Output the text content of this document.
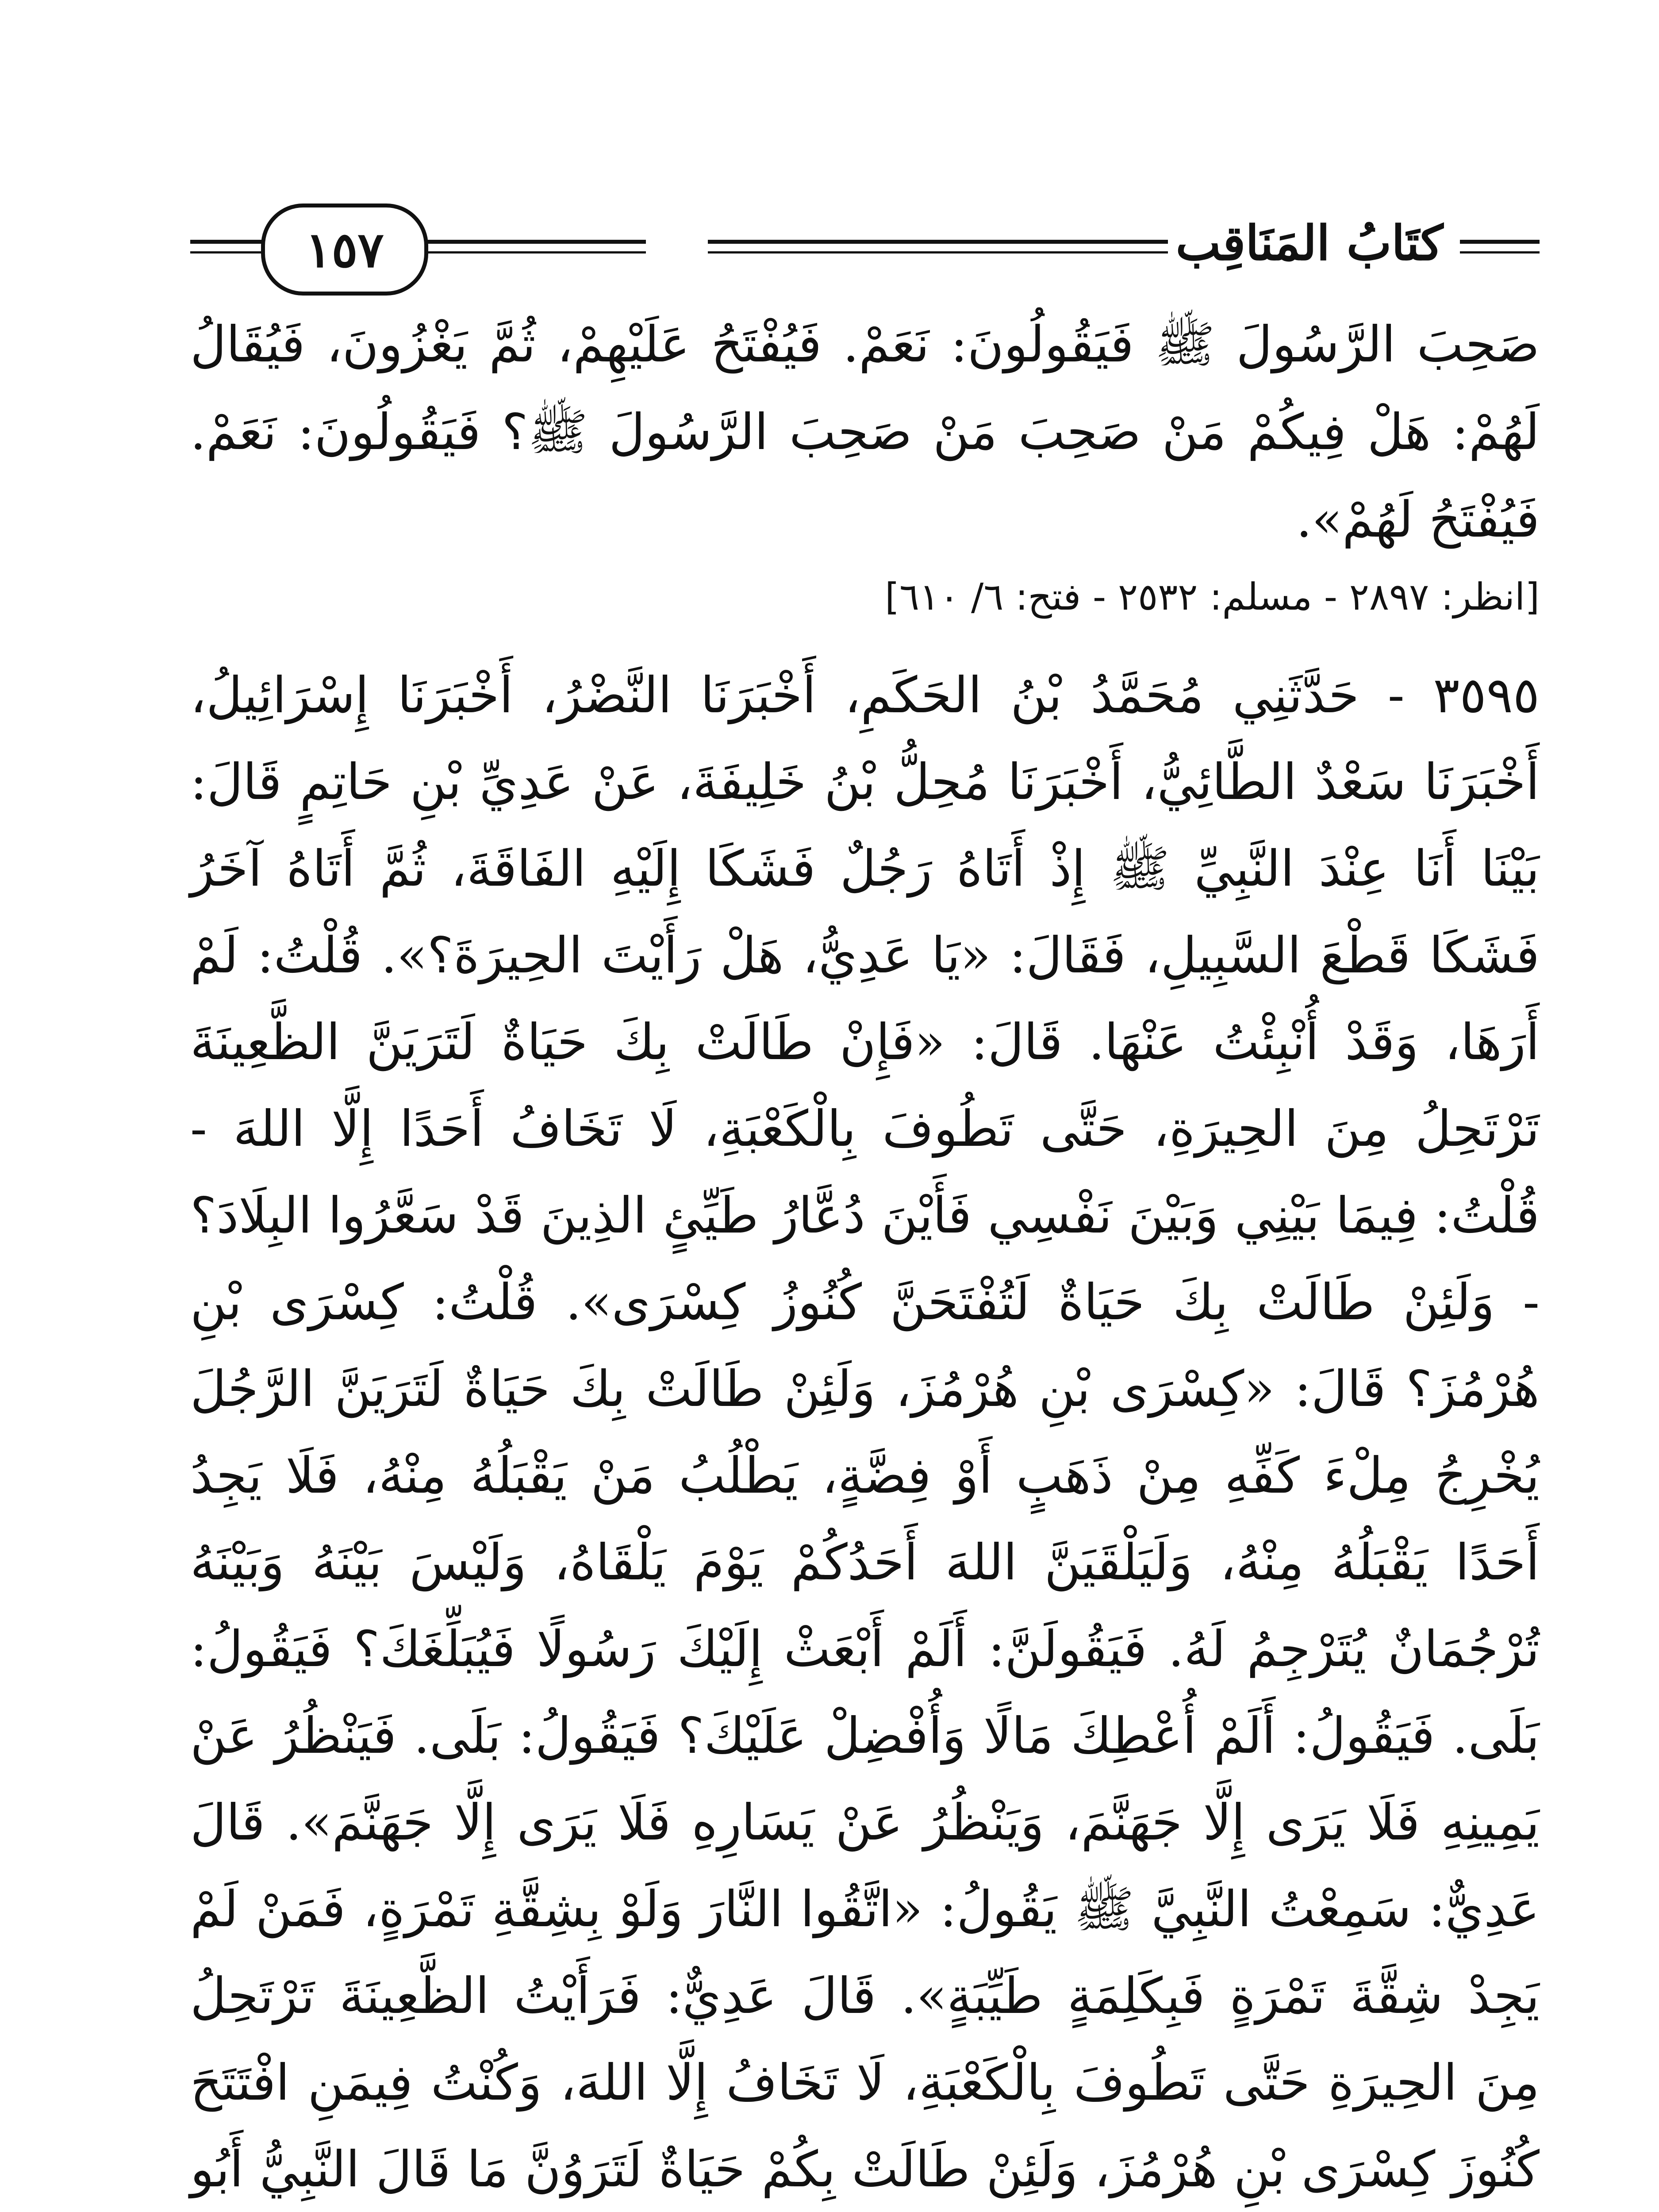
١٥٧	كتَابُ المَنَاقِب

صَحِبَ الرَّسُولَ ﷺ فَيَقُولُونَ: نَعَمْ. فَيُفْتَحُ عَلَيْهِمْ، ثُمَّ يَغْزُونَ، فَيُقَالُ لَهُمْ: هَلْ فِيكُمْ مَنْ صَحِبَ مَنْ صَحِبَ الرَّسُولَ ﷺ؟ فَيَقُولُونَ: نَعَمْ. فَيُفْتَحُ لَهُمْ».

[انظر: ٢٨٩٧ - مسلم: ٢٥٣٢ - فتح: ٦/ ٦١٠]

٣٥٩٥ - حَدَّثَنِي مُحَمَّدُ بْنُ الحَكَمِ، أَخْبَرَنَا النَّضْرُ، أَخْبَرَنَا إِسْرَائِيلُ، أَخْبَرَنَا سَعْدٌ الطَّائِيُّ، أَخْبَرَنَا مُحِلُّ بْنُ خَلِيفَةَ، عَنْ عَدِيِّ بْنِ حَاتِمٍ قَالَ: بَيْنَا أَنَا عِنْدَ النَّبِيِّ ﷺ إِذْ أَتَاهُ رَجُلٌ فَشَكَا إِلَيْهِ الفَاقَةَ، ثُمَّ أَتَاهُ آخَرُ فَشَكَا قَطْعَ السَّبِيلِ، فَقَالَ: «يَا عَدِيُّ، هَلْ رَأَيْتَ الحِيرَةَ؟». قُلْتُ: لَمْ أَرَهَا، وَقَدْ أُنْبِئْتُ عَنْهَا. قَالَ: «فَإِنْ طَالَتْ بِكَ حَيَاةٌ لَتَرَيَنَّ الظَّعِينَةَ تَرْتَحِلُ مِنَ الحِيرَةِ، حَتَّى تَطُوفَ بِالْكَعْبَةِ، لَا تَخَافُ أَحَدًا إِلَّا اللهَ - قُلْتُ: فِيمَا بَيْنِي وَبَيْنَ نَفْسِي فَأَيْنَ دُعَّارُ طَيِّئٍ الذِينَ قَدْ سَعَّرُوا البِلَادَ؟ - وَلَئِنْ طَالَتْ بِكَ حَيَاةٌ لَتُفْتَحَنَّ كُنُوزُ كِسْرَى». قُلْتُ: كِسْرَى بْنِ هُرْمُزَ؟ قَالَ: «كِسْرَى بْنِ هُرْمُزَ، وَلَئِنْ طَالَتْ بِكَ حَيَاةٌ لَتَرَيَنَّ الرَّجُلَ يُخْرِجُ مِلْءَ كَفِّهِ مِنْ ذَهَبٍ أَوْ فِضَّةٍ، يَطْلُبُ مَنْ يَقْبَلُهُ مِنْهُ، فَلَا يَجِدُ أَحَدًا يَقْبَلُهُ مِنْهُ، وَلَيَلْقَيَنَّ اللهَ أَحَدُكُمْ يَوْمَ يَلْقَاهُ، وَلَيْسَ بَيْنَهُ وَبَيْنَهُ تُرْجُمَانٌ يُتَرْجِمُ لَهُ. فَيَقُولَنَّ: أَلَمْ أَبْعَثْ إِلَيْكَ رَسُولًا فَيُبَلِّغَكَ؟ فَيَقُولُ: بَلَى. فَيَقُولُ: أَلَمْ أُعْطِكَ مَالًا وَأُفْضِلْ عَلَيْكَ؟ فَيَقُولُ: بَلَى. فَيَنْظُرُ عَنْ يَمِينِهِ فَلَا يَرَى إِلَّا جَهَنَّمَ، وَيَنْظُرُ عَنْ يَسَارِهِ فَلَا يَرَى إِلَّا جَهَنَّمَ». قَالَ عَدِيٌّ: سَمِعْتُ النَّبِيَّ ﷺ يَقُولُ: «اتَّقُوا النَّارَ وَلَوْ بِشِقَّةِ تَمْرَةٍ، فَمَنْ لَمْ يَجِدْ شِقَّةَ تَمْرَةٍ فَبِكَلِمَةٍ طَيِّبَةٍ». قَالَ عَدِيٌّ: فَرَأَيْتُ الظَّعِينَةَ تَرْتَحِلُ مِنَ الحِيرَةِ حَتَّى تَطُوفَ بِالْكَعْبَةِ، لَا تَخَافُ إِلَّا اللهَ، وَكُنْتُ فِيمَنِ افْتَتَحَ كُنُوزَ كِسْرَى بْنِ هُرْمُزَ، وَلَئِنْ طَالَتْ بِكُمْ حَيَاةٌ لَتَرَوُنَّ مَا قَالَ النَّبِيُّ أَبُو
